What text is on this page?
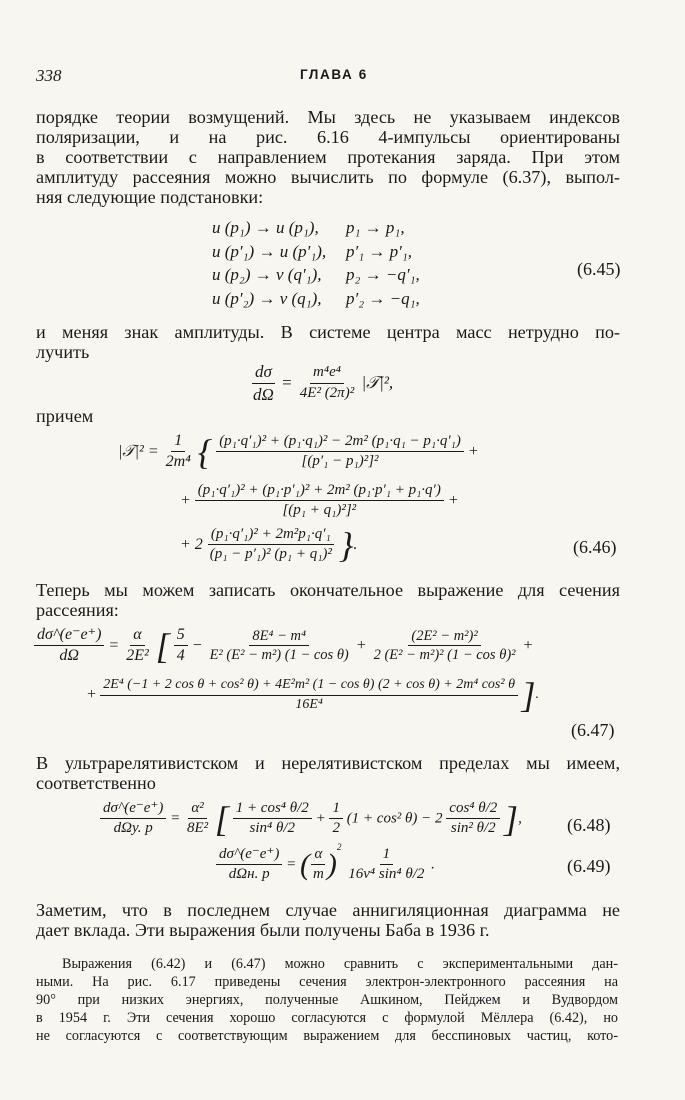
338	ГЛАВА 6
порядке теории возмущений. Мы здесь не указываем индексов
поляризации, и на рис. 6.16 4-импульсы ориентированы
в соответствии с направлением протекания заряда. При этом
амплитуду рассеяния можно вычислить по формуле (6.37), выпол-
няя следующие подстановки:
u (p₁) → u (p₁), p₁ → p₁,
u (p′₁) → u (p′₁), p′₁ → p′₁,
u (p₂) → v (q′₁), p₂ → −q′₁,
u (p′₂) → v (q₁), p′₂ → −q₁,
(6.45)
и меняя знак амплитуды. В системе центра масс нетрудно по-
лучить
$\frac{d\sigma}{d\Omega} = \frac{\text{m⁴e⁴}}{\text{4E² (2π)²}}$ |𝒯|²,
причем
|𝒯|² = $\frac{1}{\text{2m⁴}}$ { $\frac{\text{(p₁·q′₁)² + (p₁·q₁)² − 2m² (p₁·q₁ − p₁·q′₁)}}{\text{[(p′₁ − p₁)²]²}}$ +
+ $\frac{\text{(p₁·q′₁)² + (p₁·p′₁)² + 2m² (p₁·p′₁ + p₁·q′)}}{\text{[(p₁ + q₁)²]²}}$ +
+ $2 \frac{\text{(p₁·q′₁)² + 2m²p₁·q′₁}}{\text{(p₁ − p′₁)² (p₁ + q₁)²}}$ }.	(6.46)
Теперь мы можем записать окончательное выражение для сечения
рассеяния:
$\frac{d\sigma\^{}(e^-e^+)}{d\Omega} = \frac{\alpha}{\text{2E²}}$ [ $\frac{5}{4} - \frac{\text{8E⁴ − m⁴}}{\text{E² (E² − m²) (1 − cos θ)}} + \frac{\text{(2E² − m²)²}}{\text{2 (E² − m²)² (1 − cos θ)²}}$ +
+
2E⁴ (−1 + 2 cos θ + cos² θ) + 4E²m² (1 − cos θ) (2 + cos θ) + 2m⁴ cos² θ
16E⁴	].
(6.47)
В ультрарелятивистском и нерелятивистском пределах мы имеем,
соответственно
dσ^(e⁻e⁺)
dΩу. р
= $\frac{\text{α²}}{\text{8E²}}$ [ $\frac{\text{1 + cos⁴ θ/2}}{\text{sin⁴ θ/2}} + \frac{1}{2} (1 + \cos^2$ $\theta) - 2 \frac{\text{cos⁴ θ/2}}{\text{sin² θ/2}}$ ],	(6.48)
dσ^(e⁻e⁺)
dΩн. р
= ( $\frac{\alpha}{m} )^2 \frac{1}{\text{16v⁴ sin⁴ θ/2}}$ .	(6.49)
Заметим, что в последнем случае аннигиляционная диаграмма не
дает вклада. Эти выражения были получены Баба в 1936 г.
Выражения (6.42) и (6.47) можно сравнить с экспериментальными дан-
ными. На рис. 6.17 приведены сечения электрон-электронного рассеяния на
90° при низких энергиях, полученные Ашкином, Пейджем и Вудвордом
в 1954 г. Эти сечения хорошо согласуются с формулой Мёллера (6.42), но
не согласуются с соответствующим выражением для бесспиновых частиц, кото-
